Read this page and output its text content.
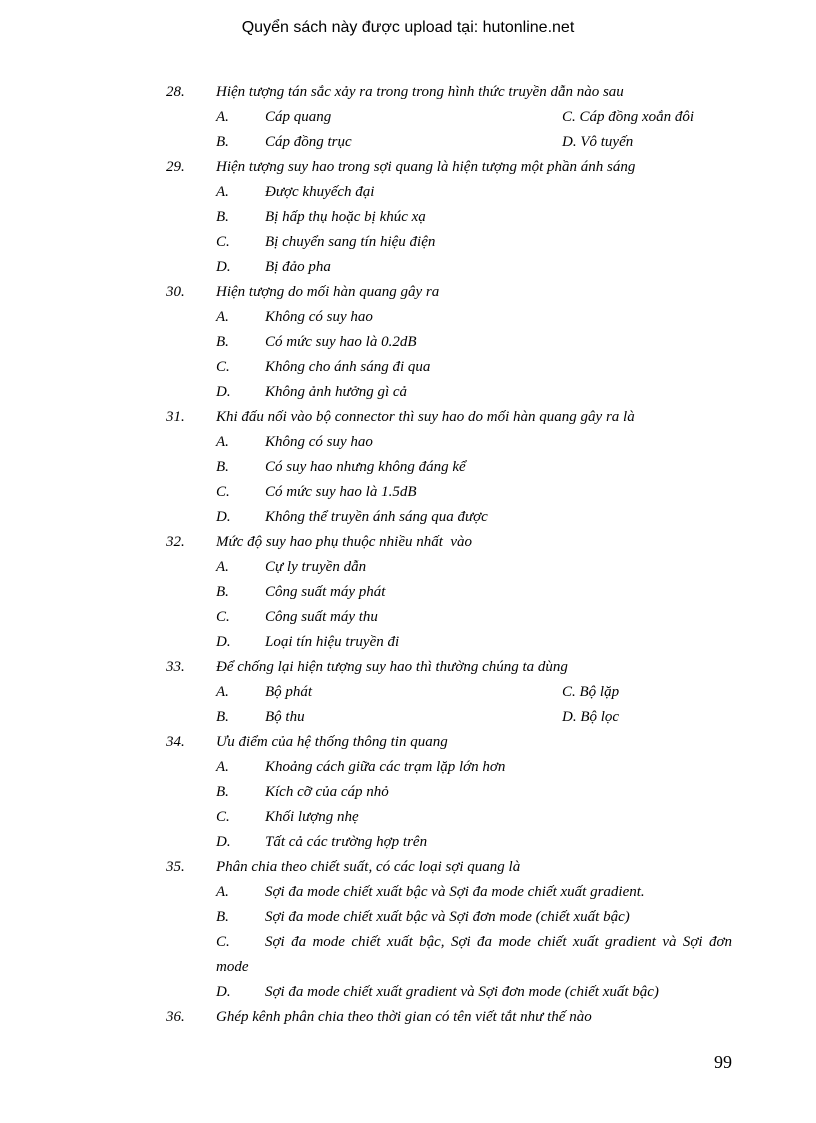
Quyển sách này được upload tại: hutonline.net
28. Hiện tượng tán sắc xảy ra trong trong hình thức truyền dẫn nào sau
A. Cáp quang	C. Cáp đồng xoắn đôi
B. Cáp đồng trục	D. Vô tuyến
29. Hiện tượng suy hao trong sợi quang là hiện tượng một phần ánh sáng
A. Được khuyếch đại
B. Bị hấp thụ hoặc bị khúc xạ
C. Bị chuyển sang tín hiệu điện
D. Bị đảo pha
30. Hiện tượng do mối hàn quang gây ra
A. Không có suy hao
B. Có mức suy hao là 0.2dB
C. Không cho ánh sáng đi qua
D. Không ảnh hưởng gì cả
31. Khi đấu nối vào bộ connector thì suy hao do mối hàn quang gây ra là
A. Không có suy hao
B. Có suy hao nhưng không đáng kể
C. Có mức suy hao là 1.5dB
D. Không thể truyền ánh sáng qua được
32. Mức độ suy hao phụ thuộc nhiều nhất  vào
A. Cự ly truyền dẫn
B. Công suất máy phát
C. Công suất máy thu
D. Loại tín hiệu truyền đi
33. Để chống lại hiện tượng suy hao thì thường chúng ta dùng
A. Bộ phát	C. Bộ lặp
B. Bộ thu	D. Bộ lọc
34. Ưu điểm của hệ thống thông tin quang
A. Khoảng cách giữa các trạm lặp lớn hơn
B. Kích cỡ của cáp nhỏ
C. Khối lượng nhẹ
D. Tất cả các trường hợp trên
35. Phân chia theo chiết suất, có các loại sợi quang là
A. Sợi đa mode chiết xuất bậc và Sợi đa mode chiết xuất gradient.
B. Sợi đa mode chiết xuất bậc và Sợi đơn mode (chiết xuất bậc)
C. Sợi đa mode chiết xuất bậc, Sợi đa mode chiết xuất gradient và Sợi đơn
mode
D. Sợi đa mode chiết xuất gradient và Sợi đơn mode (chiết xuất bậc)
36. Ghép kênh phân chia theo thời gian có tên viết tắt như thế nào
99
